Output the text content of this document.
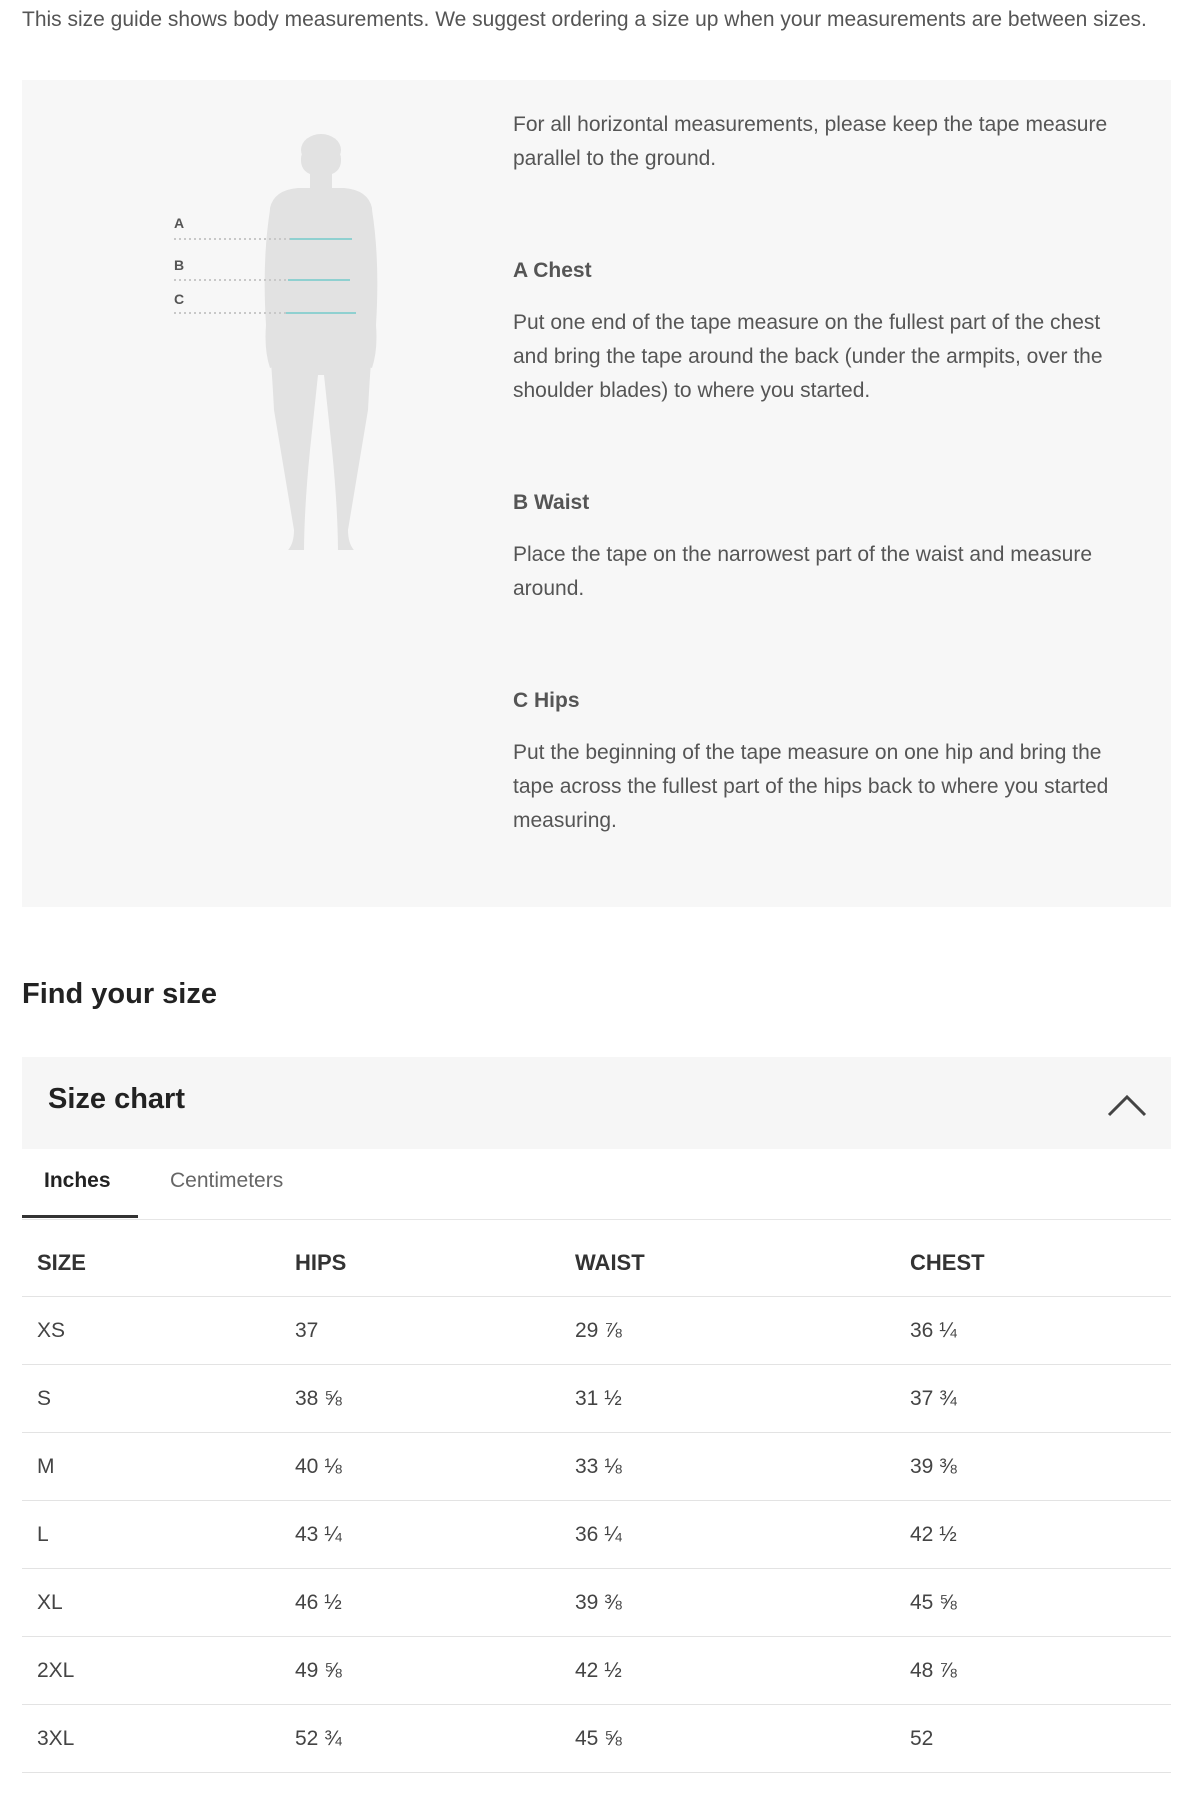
This size guide shows body measurements. We suggest ordering a size up when your measurements are between sizes.

A
B
C

For all horizontal measurements, please keep the tape measure parallel to the ground.

A Chest

Put one end of the tape measure on the fullest part of the chest and bring the tape around the back (under the armpits, over the shoulder blades) to where you started.

B Waist

Place the tape on the narrowest part of the waist and measure around.

C Hips

Put the beginning of the tape measure on one hip and bring the tape across the fullest part of the hips back to where you started measuring.

Find your size
Size chart
Inches	Centimeters
SIZE	HIPS	WAIST	CHEST
XS	37	29 ⅞	36 ¼
S	38 ⅝	31 ½	37 ¾
M	40 ⅛	33 ⅛	39 ⅜
L	43 ¼	36 ¼	42 ½
XL	46 ½	39 ⅜	45 ⅝
2XL	49 ⅝	42 ½	48 ⅞
3XL	52 ¾	45 ⅝	52
